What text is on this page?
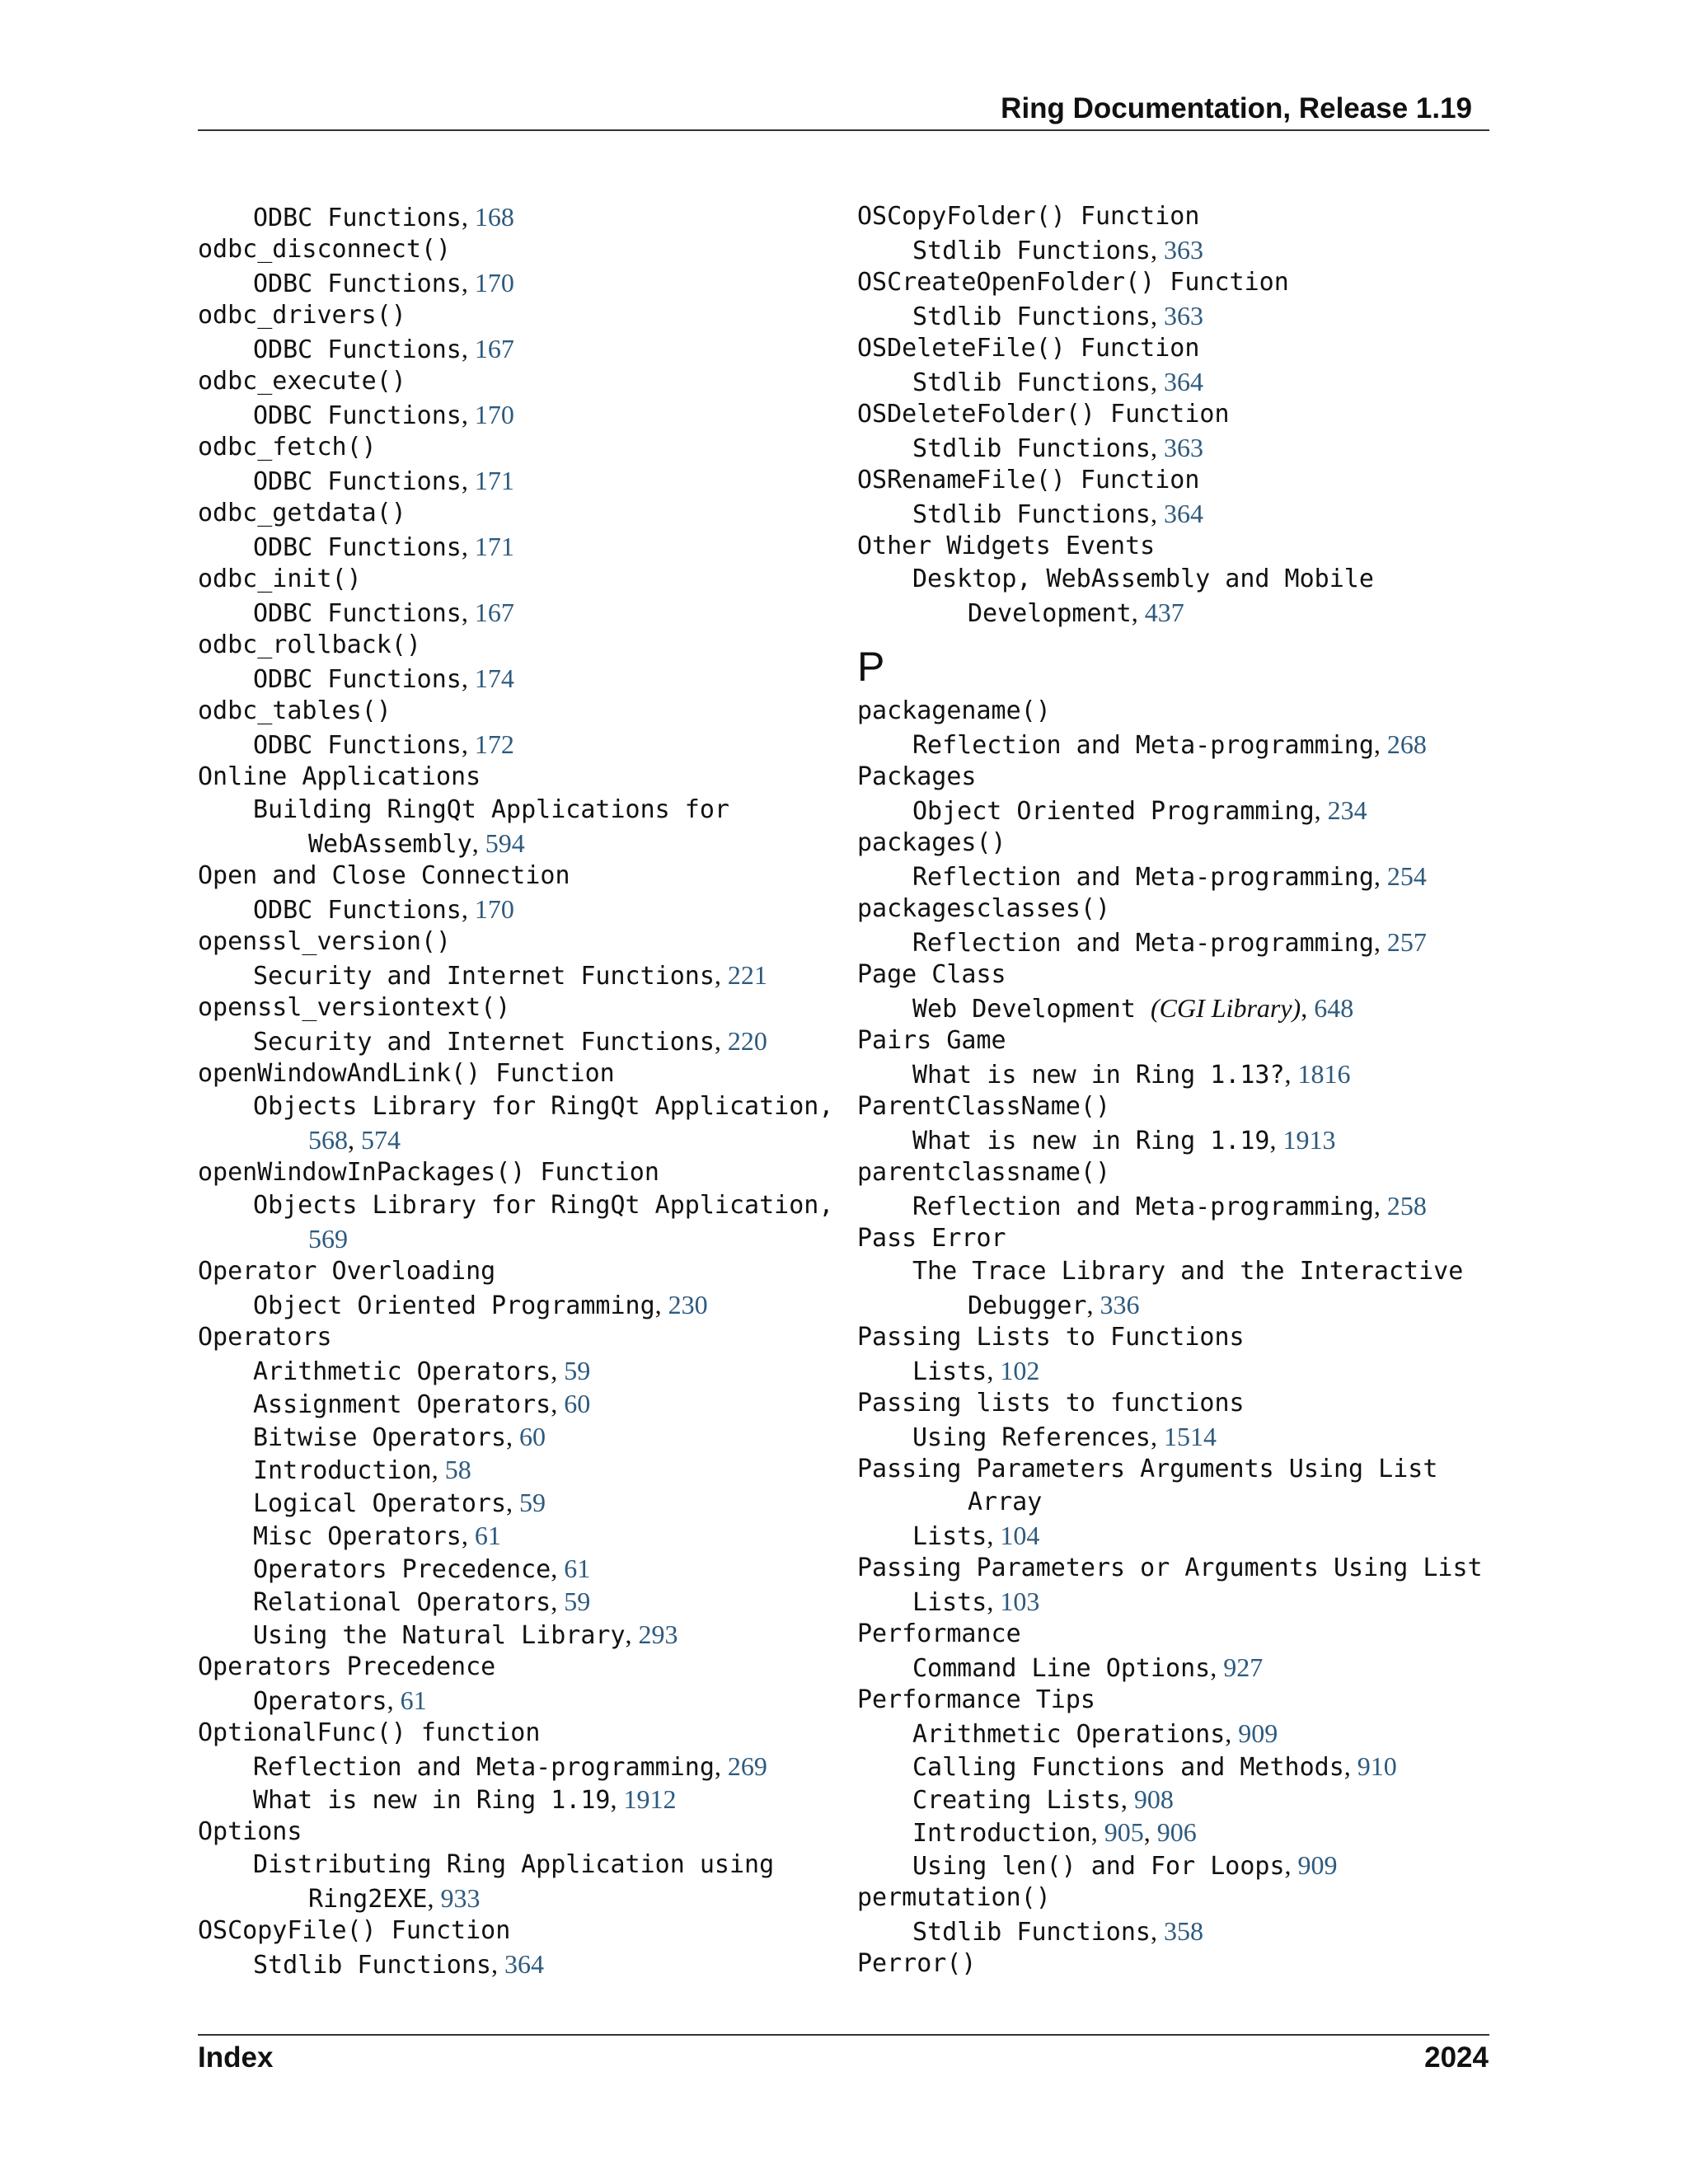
Ring Documentation, Release 1.19
ODBC Functions, 168
odbc_disconnect()
ODBC Functions, 170
odbc_drivers()
ODBC Functions, 167
odbc_execute()
ODBC Functions, 170
odbc_fetch()
ODBC Functions, 171
odbc_getdata()
ODBC Functions, 171
odbc_init()
ODBC Functions, 167
odbc_rollback()
ODBC Functions, 174
odbc_tables()
ODBC Functions, 172
Online Applications
Building RingQt Applications for
WebAssembly, 594
Open and Close Connection
ODBC Functions, 170
openssl_version()
Security and Internet Functions, 221
openssl_versiontext()
Security and Internet Functions, 220
openWindowAndLink() Function
Objects Library for RingQt Application,
568, 574
openWindowInPackages() Function
Objects Library for RingQt Application,
569
Operator Overloading
Object Oriented Programming, 230
Operators
Arithmetic Operators, 59
Assignment Operators, 60
Bitwise Operators, 60
Introduction, 58
Logical Operators, 59
Misc Operators, 61
Operators Precedence, 61
Relational Operators, 59
Using the Natural Library, 293
Operators Precedence
Operators, 61
OptionalFunc() function
Reflection and Meta-programming, 269
What is new in Ring 1.19, 1912
Options
Distributing Ring Application using
Ring2EXE, 933
OSCopyFile() Function
Stdlib Functions, 364
OSCopyFolder() Function
Stdlib Functions, 363
OSCreateOpenFolder() Function
Stdlib Functions, 363
OSDeleteFile() Function
Stdlib Functions, 364
OSDeleteFolder() Function
Stdlib Functions, 363
OSRenameFile() Function
Stdlib Functions, 364
Other Widgets Events
Desktop, WebAssembly and Mobile
Development, 437
P
packagename()
Reflection and Meta-programming, 268
Packages
Object Oriented Programming, 234
packages()
Reflection and Meta-programming, 254
packagesclasses()
Reflection and Meta-programming, 257
Page Class
Web Development (CGI Library), 648
Pairs Game
What is new in Ring 1.13?, 1816
ParentClassName()
What is new in Ring 1.19, 1913
parentclassname()
Reflection and Meta-programming, 258
Pass Error
The Trace Library and the Interactive
Debugger, 336
Passing Lists to Functions
Lists, 102
Passing lists to functions
Using References, 1514
Passing Parameters Arguments Using List
Array
Lists, 104
Passing Parameters or Arguments Using List
Lists, 103
Performance
Command Line Options, 927
Performance Tips
Arithmetic Operations, 909
Calling Functions and Methods, 910
Creating Lists, 908
Introduction, 905, 906
Using len() and For Loops, 909
permutation()
Stdlib Functions, 358
Perror()
Index	2024
